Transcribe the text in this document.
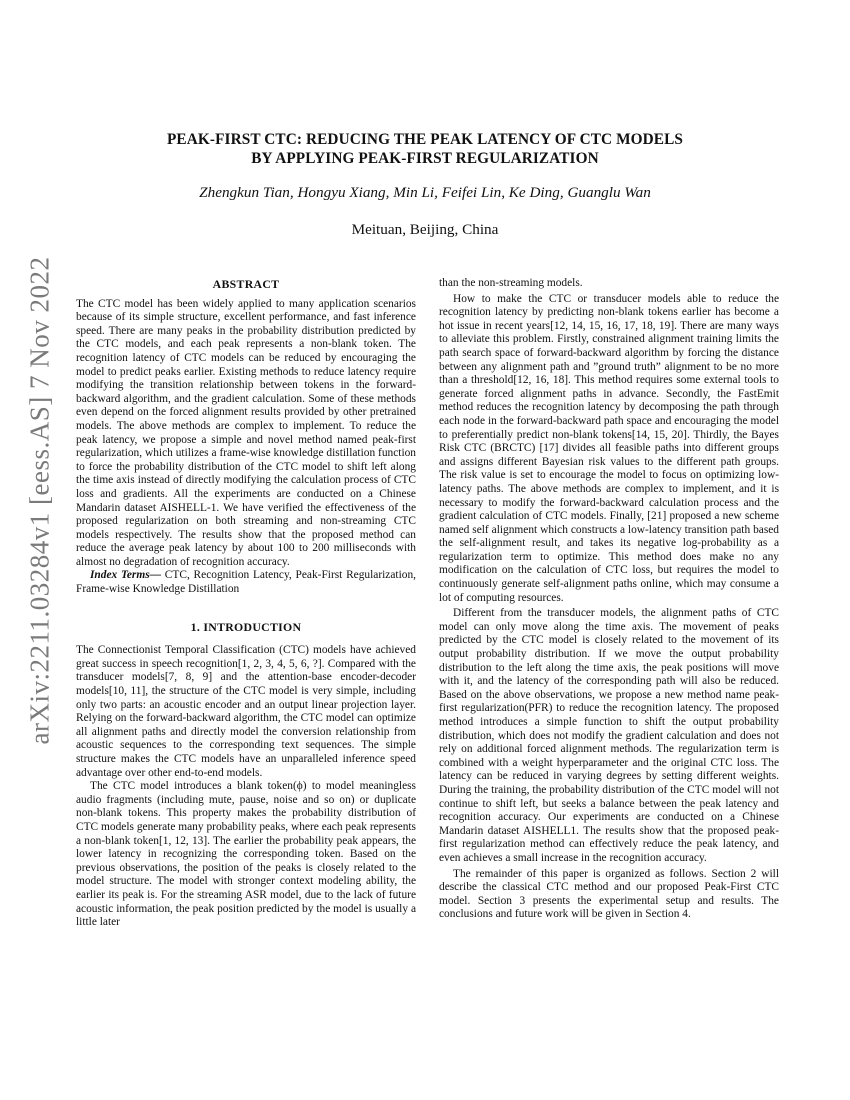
arXiv:2211.03284v1 [eess.AS] 7 Nov 2022
PEAK-FIRST CTC: REDUCING THE PEAK LATENCY OF CTC MODELS
BY APPLYING PEAK-FIRST REGULARIZATION

Zhengkun Tian, Hongyu Xiang, Min Li, Feifei Lin, Ke Ding, Guanglu Wan

Meituan, Beijing, China

ABSTRACT

The CTC model has been widely applied to many application scenarios because of its simple structure, excellent performance, and fast inference speed. There are many peaks in the probability distribution predicted by the CTC models, and each peak represents a non-blank token. The recognition latency of CTC models can be reduced by encouraging the model to predict peaks earlier. Existing methods to reduce latency require modifying the transition relationship between tokens in the forward-backward algorithm, and the gradient calculation. Some of these methods even depend on the forced alignment results provided by other pretrained models. The above methods are complex to implement. To reduce the peak latency, we propose a simple and novel method named peak-first regularization, which utilizes a frame-wise knowledge distillation function to force the probability distribution of the CTC model to shift left along the time axis instead of directly modifying the calculation process of CTC loss and gradients. All the experiments are conducted on a Chinese Mandarin dataset AISHELL-1. We have verified the effectiveness of the proposed regularization on both streaming and non-streaming CTC models respectively. The results show that the proposed method can reduce the average peak latency by about 100 to 200 milliseconds with almost no degradation of recognition accuracy.

Index Terms— CTC, Recognition Latency, Peak-First Regularization, Frame-wise Knowledge Distillation

1. INTRODUCTION

The Connectionist Temporal Classification (CTC) models have achieved great success in speech recognition[1, 2, 3, 4, 5, 6, ?]. Compared with the transducer models[7, 8, 9] and the attention-base encoder-decoder models[10, 11], the structure of the CTC model is very simple, including only two parts: an acoustic encoder and an output linear projection layer. Relying on the forward-backward algorithm, the CTC model can optimize all alignment paths and directly model the conversion relationship from acoustic sequences to the corresponding text sequences. The simple structure makes the CTC models have an unparalleled inference speed advantage over other end-to-end models.

The CTC model introduces a blank token(ϕ) to model meaningless audio fragments (including mute, pause, noise and so on) or duplicate non-blank tokens. This property makes the probability distribution of CTC models generate many probability peaks, where each peak represents a non-blank token[1, 12, 13]. The earlier the probability peak appears, the lower latency in recognizing the corresponding token. Based on the previous observations, the position of the peaks is closely related to the model structure. The model with stronger context modeling ability, the earlier its peak is. For the streaming ASR model, due to the lack of future acoustic information, the peak position predicted by the model is usually a little later

than the non-streaming models.

How to make the CTC or transducer models able to reduce the recognition latency by predicting non-blank tokens earlier has become a hot issue in recent years[12, 14, 15, 16, 17, 18, 19]. There are many ways to alleviate this problem. Firstly, constrained alignment training limits the path search space of forward-backward algorithm by forcing the distance between any alignment path and ”ground truth” alignment to be no more than a threshold[12, 16, 18]. This method requires some external tools to generate forced alignment paths in advance. Secondly, the FastEmit method reduces the recognition latency by decomposing the path through each node in the forward-backward path space and encouraging the model to preferentially predict non-blank tokens[14, 15, 20]. Thirdly, the Bayes Risk CTC (BRCTC) [17] divides all feasible paths into different groups and assigns different Bayesian risk values to the different path groups. The risk value is set to encourage the model to focus on optimizing low-latency paths. The above methods are complex to implement, and it is necessary to modify the forward-backward calculation process and the gradient calculation of CTC models. Finally, [21] proposed a new scheme named self alignment which constructs a low-latency transition path based the self-alignment result, and takes its negative log-probability as a regularization term to optimize. This method does make no any modification on the calculation of CTC loss, but requires the model to continuously generate self-alignment paths online, which may consume a lot of computing resources.

Different from the transducer models, the alignment paths of CTC model can only move along the time axis. The movement of peaks predicted by the CTC model is closely related to the movement of its output probability distribution. If we move the output probability distribution to the left along the time axis, the peak positions will move with it, and the latency of the corresponding path will also be reduced. Based on the above observations, we propose a new method name peak-first regularization(PFR) to reduce the recognition latency. The proposed method introduces a simple function to shift the output probability distribution, which does not modify the gradient calculation and does not rely on additional forced alignment methods. The regularization term is combined with a weight hyperparameter and the original CTC loss. The latency can be reduced in varying degrees by setting different weights. During the training, the probability distribution of the CTC model will not continue to shift left, but seeks a balance between the peak latency and recognition accuracy. Our experiments are conducted on a Chinese Mandarin dataset AISHELL1. The results show that the proposed peak-first regularization method can effectively reduce the peak latency, and even achieves a small increase in the recognition accuracy.

The remainder of this paper is organized as follows. Section 2 will describe the classical CTC method and our proposed Peak-First CTC model. Section 3 presents the experimental setup and results. The conclusions and future work will be given in Section 4.
